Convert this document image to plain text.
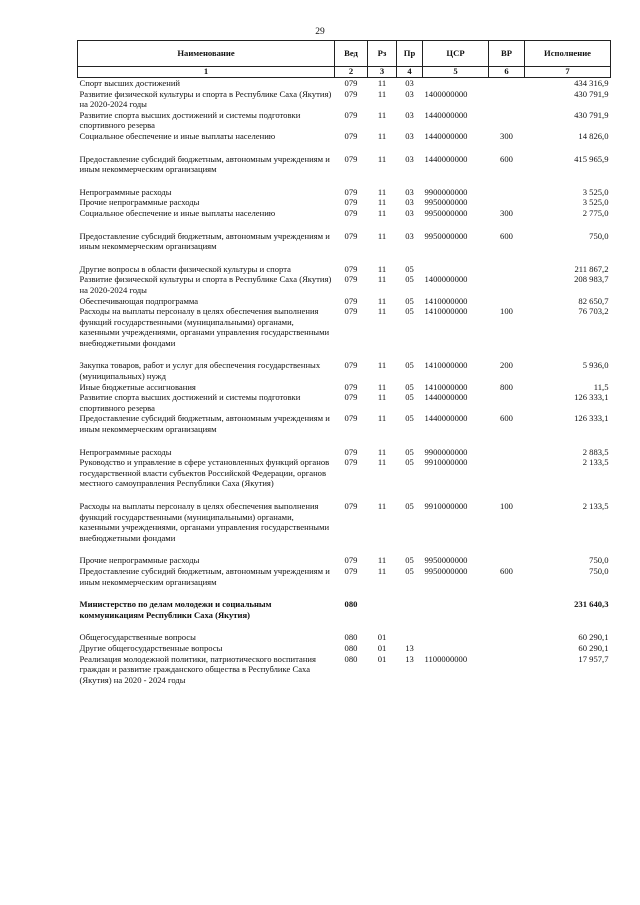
29
Наименование	Вед	Рз	Пр	ЦСР	ВР	Исполнение
1	2	3	4	5	6	7
Спорт высших достижений	079	11	03			434 316,9
Развитие физической культуры и спорта в Республике Саха (Якутия) на 2020-2024 годы	079	11	03	1400000000		430 791,9
Развитие спорта высших достижений и системы подготовки спортивного резерва	079	11	03	1440000000		430 791,9
Социальное обеспечение и иные выплаты населению	079	11	03	1440000000	300	14 826,0

Предоставление субсидий бюджетным, автономным учреждениям и иным некоммерческим организациям	079	11	03	1440000000	600	415 965,9

Непрограммные расходы	079	11	03	9900000000		3 525,0
Прочие непрограммные расходы	079	11	03	9950000000		3 525,0
Социальное обеспечение и иные выплаты населению	079	11	03	9950000000	300	2 775,0

Предоставление субсидий бюджетным, автономным учреждениям и иным некоммерческим организациям	079	11	03	9950000000	600	750,0

Другие вопросы в области физической культуры и спорта	079	11	05			211 867,2
Развитие физической культуры и спорта в Республике Саха (Якутия) на 2020-2024 годы	079	11	05	1400000000		208 983,7
Обеспечивающая подпрограмма	079	11	05	1410000000		82 650,7
Расходы на выплаты персоналу в целях обеспечения выполнения функций государственными (муниципальными) органами, казенными учреждениями, органами управления государственными внебюджетными фондами	079	11	05	1410000000	100	76 703,2

Закупка товаров, работ и услуг для обеспечения государственных (муниципальных) нужд	079	11	05	1410000000	200	5 936,0
Иные бюджетные ассигнования	079	11	05	1410000000	800	11,5
Развитие спорта высших достижений и системы подготовки спортивного резерва	079	11	05	1440000000		126 333,1
Предоставление субсидий бюджетным, автономным учреждениям и иным некоммерческим организациям	079	11	05	1440000000	600	126 333,1

Непрограммные расходы	079	11	05	9900000000		2 883,5
Руководство и управление в сфере установленных функций органов государственной власти субъектов Российской Федерации, органов местного самоуправления Республики Саха (Якутия)	079	11	05	9910000000		2 133,5

Расходы на выплаты персоналу в целях обеспечения выполнения функций государственными (муниципальными) органами, казенными учреждениями, органами управления государственными внебюджетными фондами	079	11	05	9910000000	100	2 133,5

Прочие непрограммные расходы	079	11	05	9950000000		750,0
Предоставление субсидий бюджетным, автономным учреждениям и иным некоммерческим организациям	079	11	05	9950000000	600	750,0

Министерство по делам молодежи и социальным коммуникациям Республики Саха (Якутия)	080					231 640,3

Общегосударственные вопросы	080	01				60 290,1
Другие общегосударственные вопросы	080	01	13			60 290,1
Реализация молодежной политики, патриотического воспитания граждан и развитие гражданского общества в Республике Саха (Якутия) на 2020 - 2024 годы	080	01	13	1100000000		17 957,7
